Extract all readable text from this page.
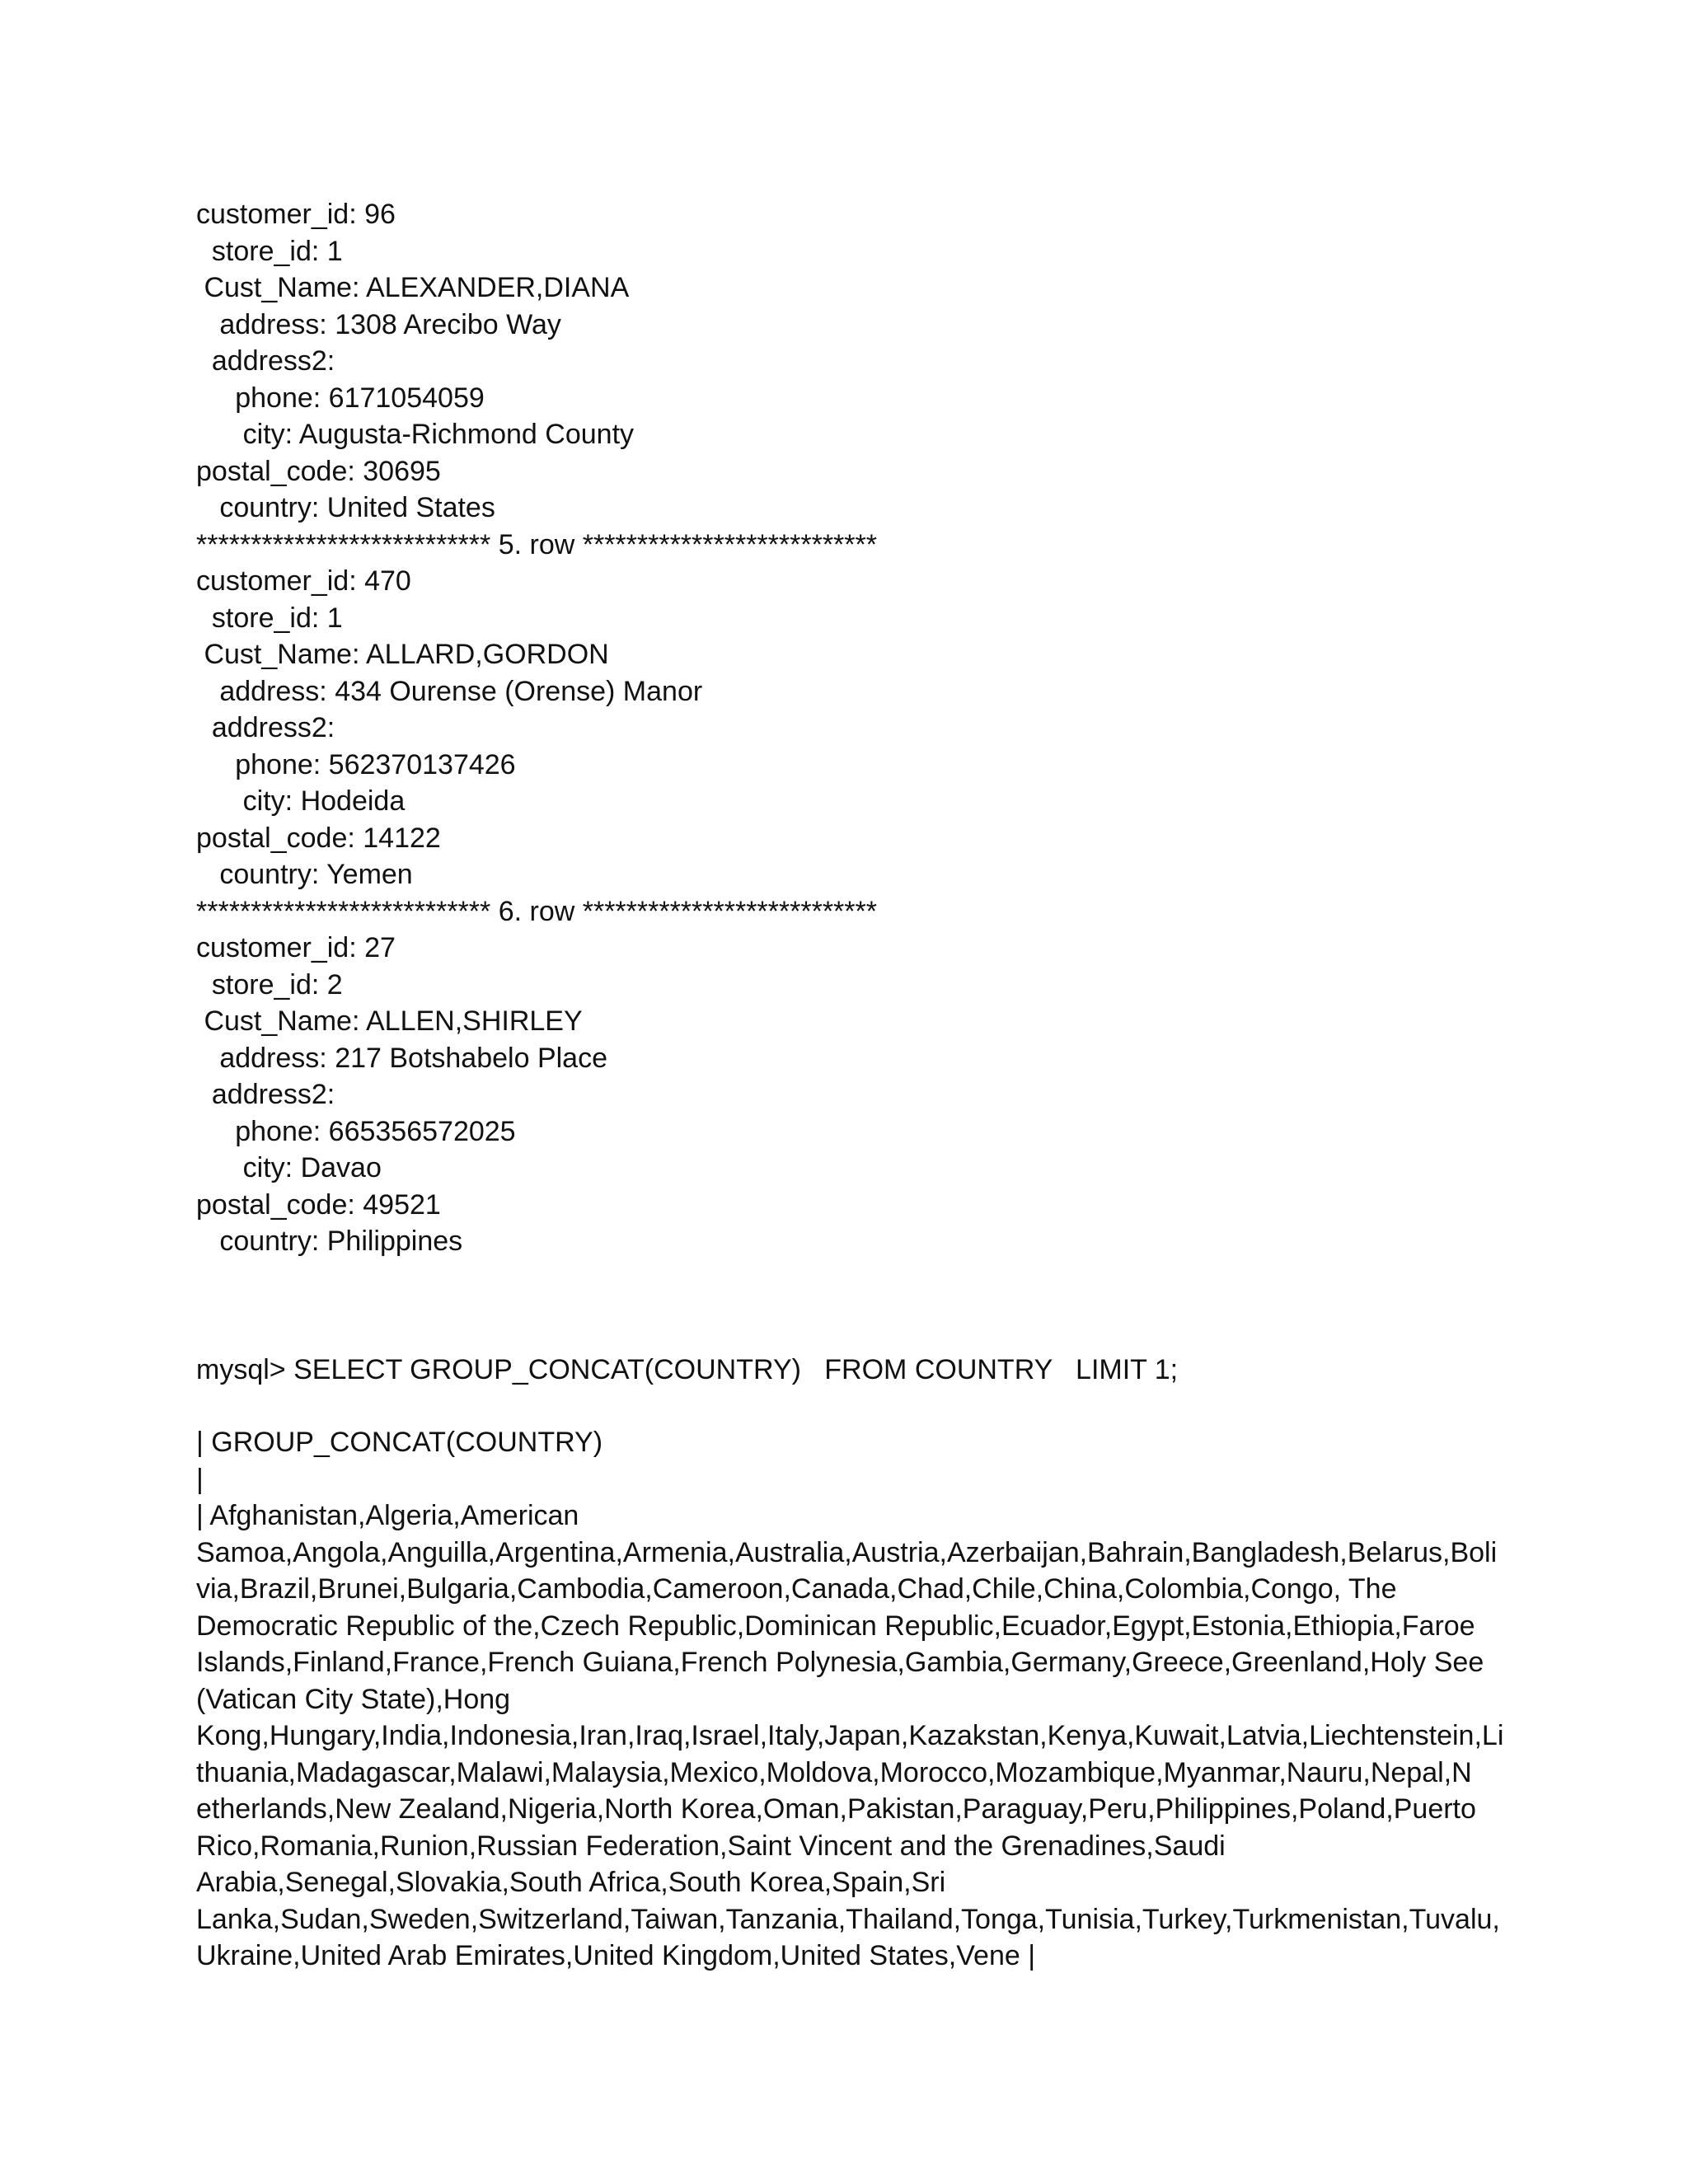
customer_id: 96
store_id: 1
Cust_Name: ALEXANDER,DIANA
address: 1308 Arecibo Way
address2:
phone: 6171054059
city: Augusta-Richmond County
postal_code: 30695
country: United States
*************************** 5. row ***************************
customer_id: 470
store_id: 1
Cust_Name: ALLARD,GORDON
address: 434 Ourense (Orense) Manor
address2:
phone: 562370137426
city: Hodeida
postal_code: 14122
country: Yemen
*************************** 6. row ***************************
customer_id: 27
store_id: 2
Cust_Name: ALLEN,SHIRLEY
address: 217 Botshabelo Place
address2:
phone: 665356572025
city: Davao
postal_code: 49521
country: Philippines
mysql> SELECT GROUP_CONCAT(COUNTRY)   FROM COUNTRY   LIMIT 1;
| GROUP_CONCAT(COUNTRY)
|
| Afghanistan,Algeria,American
Samoa,Angola,Anguilla,Argentina,Armenia,Australia,Austria,Azerbaijan,Bahrain,Bangladesh,Belarus,Boli
via,Brazil,Brunei,Bulgaria,Cambodia,Cameroon,Canada,Chad,Chile,China,Colombia,Congo, The
Democratic Republic of the,Czech Republic,Dominican Republic,Ecuador,Egypt,Estonia,Ethiopia,Faroe
Islands,Finland,France,French Guiana,French Polynesia,Gambia,Germany,Greece,Greenland,Holy See
(Vatican City State),Hong
Kong,Hungary,India,Indonesia,Iran,Iraq,Israel,Italy,Japan,Kazakstan,Kenya,Kuwait,Latvia,Liechtenstein,Li
thuania,Madagascar,Malawi,Malaysia,Mexico,Moldova,Morocco,Mozambique,Myanmar,Nauru,Nepal,N
etherlands,New Zealand,Nigeria,North Korea,Oman,Pakistan,Paraguay,Peru,Philippines,Poland,Puerto
Rico,Romania,Runion,Russian Federation,Saint Vincent and the Grenadines,Saudi
Arabia,Senegal,Slovakia,South Africa,South Korea,Spain,Sri
Lanka,Sudan,Sweden,Switzerland,Taiwan,Tanzania,Thailand,Tonga,Tunisia,Turkey,Turkmenistan,Tuvalu,
Ukraine,United Arab Emirates,United Kingdom,United States,Vene |
